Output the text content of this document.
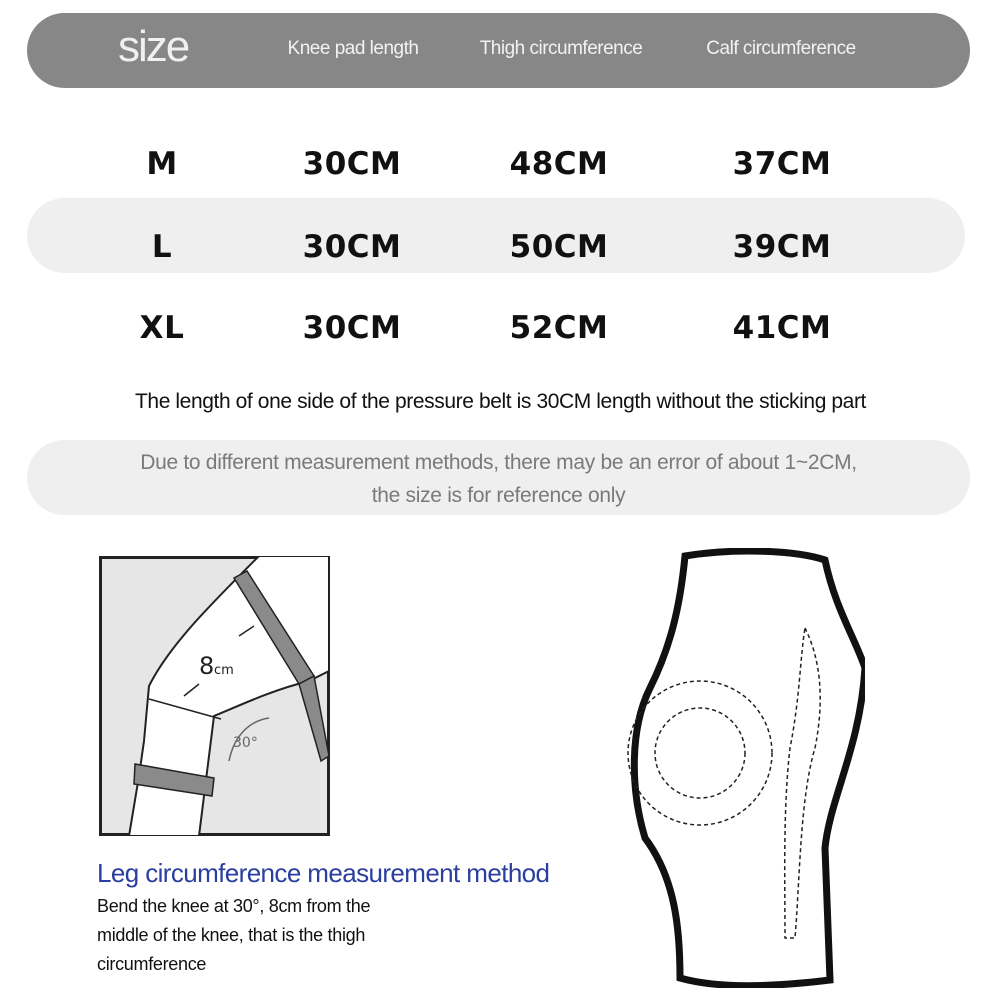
size	Knee pad length	Thigh circumference	Calf circumference
M	30CM	48CM	37CM
L	30CM	50CM	39CM
XL	30CM	52CM	41CM
The length of one side of the pressure belt is 30CM length without the sticking part
Due to different measurement methods, there may be an error of about 1~2CM,
the size is for reference only
8 cm
30°
Leg circumference measurement method
Bend the knee at 30°, 8cm from the
middle of the knee, that is the thigh
circumference
